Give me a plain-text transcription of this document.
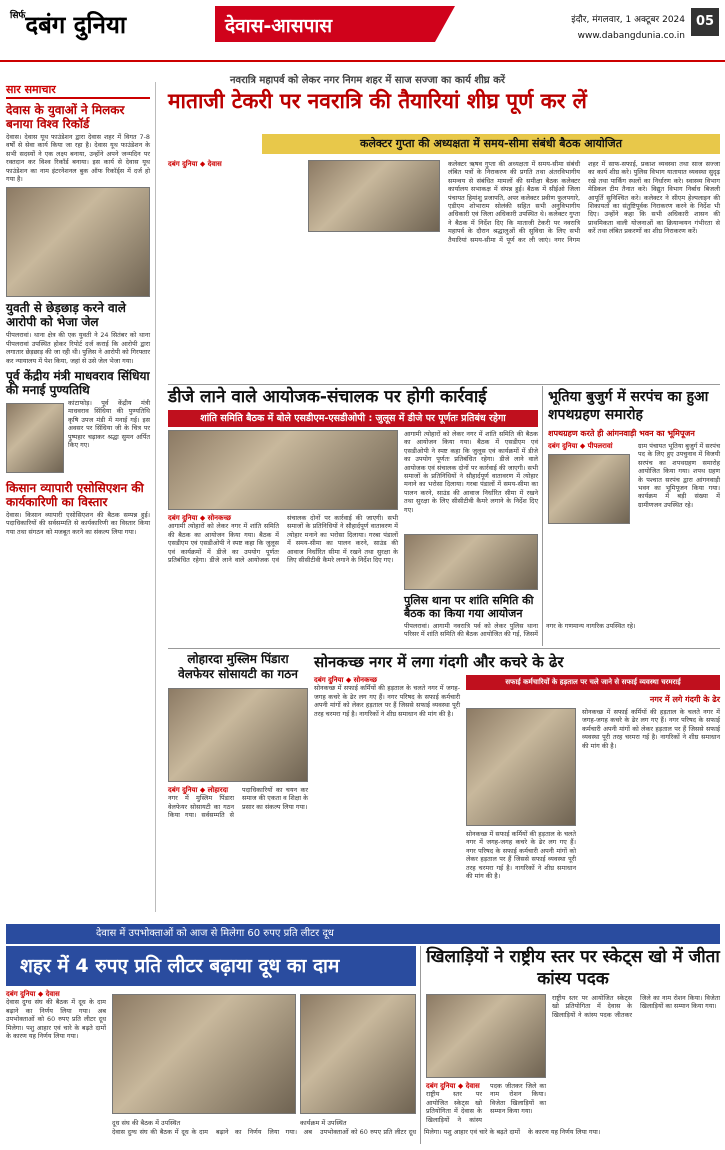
$^{सिर्फ}$दबंग दुनिया	देवास-आसपास	इंदौर, मंगलवार, 1 अक्टूबर 2024
www.dabangdunia.co.in
05
सार समाचार
देवास के युवाओं ने मिलकर बनाया विश्व रिकॉर्ड
देवास। देवास यूथ फाउंडेशन द्वारा देवास शहर में विगत 7-8 वर्षों से सेवा कार्य किया जा रहा है। देवास यूथ फाउंडेशन के सभी सदस्यों ने एक लक्ष्य बनाया, उन्होंने अपने जन्मदिन पर रक्तदान कर विश्व रिकॉर्ड बनाया। इस कार्य से देवास यूथ फाउंडेशन का नाम इंटरनेशनल बुक ऑफ रिकॉर्ड्स में दर्ज हो गया है।
युवती से छेड़छाड़ करने वाले आरोपी को भेजा जेल
पीपलरावां। थाना क्षेत्र की एक युवती ने 24 सितंबर को थाना पीपलरावां उपस्थित होकर रिपोर्ट दर्ज कराई कि आरोपी द्वारा लगातार छेड़छाड़ की जा रही थी। पुलिस ने आरोपी को गिरफ्तार कर न्यायालय में पेश किया, जहां से उसे जेल भेजा गया।
पूर्व केंद्रीय मंत्री माधवराव सिंधिया की मनाई पुण्यतिथि
कांटाफोड़। पूर्व केंद्रीय मंत्री माधवराव सिंधिया की पुण्यतिथि कृषि उपज मंडी में मनाई गई। इस अवसर पर सिंधिया जी के चित्र पर पुष्पहार चढ़ाकर श्रद्धा सुमन अर्पित किए गए।
किसान व्यापारी एसोसिएशन की कार्यकारिणी का विस्तार
देवास। किसान व्यापारी एसोसिएशन की बैठक सम्पन्न हुई। पदाधिकारियों की सर्वसम्मति से कार्यकारिणी का विस्तार किया गया तथा संगठन को मजबूत करने का संकल्प लिया गया।
नवरात्रि महापर्व को लेकर नगर निगम शहर में साज सज्जा का कार्य शीघ्र करें
माताजी टेकरी पर नवरात्रि की तैयारियां शीघ्र पूर्ण कर लें
कलेक्टर गुप्ता की अध्यक्षता में समय-सीमा संबंधी बैठक आयोजित
दबंग दुनिया ◆ देवास	कलेक्टर ऋषव गुप्ता की अध्यक्षता में समय-सीमा संबंधी लंबित पत्रों के निराकरण की प्रगति तथा अंतरविभागीय समन्वय से संबंधित मामलों की समीक्षा बैठक कलेक्टर कार्यालय सभाकक्ष में संपन्न हुई। बैठक में सीईओ जिला पंचायत हिमांशु प्रजापति, अपर कलेक्टर प्रवीण फुलपगारे, एडीएम शोभाराम सोलंकी सहित सभी अनुविभागीय अधिकारी एवं जिला अधिकारी उपस्थित थे। कलेक्टर गुप्ता ने बैठक में निर्देश दिए कि माताजी टेकरी पर नवरात्रि महापर्व के दौरान श्रद्धालुओं की सुविधा के लिए सभी तैयारियां समय-सीमा में पूर्ण कर ली जाएं। नगर निगम शहर में साफ-सफाई, प्रकाश व्यवस्था तथा साज सज्जा का कार्य शीघ्र करे। पुलिस विभाग यातायात व्यवस्था सुदृढ़ रखे तथा पार्किंग स्थलों का निर्धारण करे। स्वास्थ्य विभाग मेडिकल टीम तैनात करे। विद्युत विभाग निर्बाध बिजली आपूर्ति सुनिश्चित करे। कलेक्टर ने सीएम हेल्पलाइन की शिकायतों का संतुष्टिपूर्वक निराकरण करने के निर्देश भी दिए। उन्होंने कहा कि सभी अधिकारी शासन की प्राथमिकता वाली योजनाओं का क्रियान्वयन गंभीरता से करें तथा लंबित प्रकरणों का शीघ्र निराकरण करें।
डीजे लाने वाले आयोजक-संचालक पर होगी कार्रवाई
शांति समिति बैठक में बोले एसडीएम-एसडीओपी : जुलूस में डीजे पर पूर्णतः प्रतिबंध रहेगा
दबंग दुनिया ◆ सोनकच्छ
आगामी त्योहारों को लेकर नगर में शांति समिति की बैठक का आयोजन किया गया। बैठक में एसडीएम एवं एसडीओपी ने स्पष्ट कहा कि जुलूस एवं कार्यक्रमों में डीजे का उपयोग पूर्णतः प्रतिबंधित रहेगा। डीजे लाने वाले आयोजक एवं संचालक दोनों पर कार्रवाई की जाएगी। सभी समाजों के प्रतिनिधियों ने सौहार्दपूर्ण वातावरण में त्योहार मनाने का भरोसा दिलाया। गरबा पंडालों में समय-सीमा का पालन करने, साउंड की आवाज निर्धारित सीमा में रखने तथा सुरक्षा के लिए सीसीटीवी कैमरे लगाने के निर्देश दिए गए।
आगामी त्योहारों को लेकर नगर में शांति समिति की बैठक का आयोजन किया गया। बैठक में एसडीएम एवं एसडीओपी ने स्पष्ट कहा कि जुलूस एवं कार्यक्रमों में डीजे का उपयोग पूर्णतः प्रतिबंधित रहेगा। डीजे लाने वाले आयोजक एवं संचालक दोनों पर कार्रवाई की जाएगी। सभी समाजों के प्रतिनिधियों ने सौहार्दपूर्ण वातावरण में त्योहार मनाने का भरोसा दिलाया। गरबा पंडालों में समय-सीमा का पालन करने, साउंड की आवाज निर्धारित सीमा में रखने तथा सुरक्षा के लिए सीसीटीवी कैमरे लगाने के निर्देश दिए गए।
पुलिस थाना पर शांति समिति की बैठक का किया गया आयोजन
पीपलरावां। आगामी नवरात्रि पर्व को लेकर पुलिस थाना परिसर में शांति समिति की बैठक आयोजित की गई, जिसमें नगर के गणमान्य नागरिक उपस्थित रहे।
भूतिया बुजुर्ग में सरपंच का हुआ शपथग्रहण समारोह
शपथग्रहण करते ही आंगनवाड़ी भवन का भूमिपूजन
दबंग दुनिया ◆ पीपलरावां	ग्राम पंचायत भूतिया बुजुर्ग में सरपंच पद के लिए हुए उपचुनाव में विजयी सरपंच का शपथग्रहण समारोह आयोजित किया गया। शपथ ग्रहण के पश्चात सरपंच द्वारा आंगनवाड़ी भवन का भूमिपूजन किया गया। कार्यक्रम में बड़ी संख्या में ग्रामीणजन उपस्थित रहे।
लोहारदा मुस्लिम पिंडारा वेलफेयर सोसायटी का गठन
दबंग दुनिया ◆ लोहारदा
नगर में मुस्लिम पिंडारा वेलफेयर सोसायटी का गठन किया गया। सर्वसम्मति से पदाधिकारियों का चयन कर समाज की एकता व शिक्षा के प्रसार का संकल्प लिया गया।
सोनकच्छ नगर में लगा गंदगी और कचरे के ढेर
सफाई कर्मचारियों के हड़ताल पर चले जाने से सफाई व्यवस्था चरमराई
नगर में लगे गंदगी के ढेर
दबंग दुनिया ◆ सोनकच्छ
सोनकच्छ में सफाई कर्मियों की हड़ताल के चलते नगर में जगह-जगह कचरे के ढेर लग गए हैं। नगर परिषद के सफाई कर्मचारी अपनी मांगों को लेकर हड़ताल पर हैं जिससे सफाई व्यवस्था पूरी तरह चरमरा गई है। नागरिकों ने शीघ्र समाधान की मांग की है।	सोनकच्छ में सफाई कर्मियों की हड़ताल के चलते नगर में जगह-जगह कचरे के ढेर लग गए हैं। नगर परिषद के सफाई कर्मचारी अपनी मांगों को लेकर हड़ताल पर हैं जिससे सफाई व्यवस्था पूरी तरह चरमरा गई है। नागरिकों ने शीघ्र समाधान की मांग की है।
सोनकच्छ में सफाई कर्मियों की हड़ताल के चलते नगर में जगह-जगह कचरे के ढेर लग गए हैं। नगर परिषद के सफाई कर्मचारी अपनी मांगों को लेकर हड़ताल पर हैं जिससे सफाई व्यवस्था पूरी तरह चरमरा गई है। नागरिकों ने शीघ्र समाधान की मांग की है।
देवास में उपभोक्ताओं को आज से मिलेगा 60 रुपए प्रति लीटर दूध
शहर में 4 रुपए प्रति लीटर बढ़ाया दूध का दाम
दबंग दुनिया ◆ देवास
देवास दुग्ध संघ की बैठक में दूध के दाम बढ़ाने का निर्णय लिया गया। अब उपभोक्ताओं को 60 रुपए प्रति लीटर दूध मिलेगा। पशु आहार एवं चारे के बढ़ते दामों के कारण यह निर्णय लिया गया।
दूध संघ की बैठक में उपस्थित	कार्यक्रम में उपस्थित
देवास दुग्ध संघ की बैठक में दूध के दाम बढ़ाने का निर्णय लिया गया। अब उपभोक्ताओं को 60 रुपए प्रति लीटर दूध मिलेगा। पशु आहार एवं चारे के बढ़ते दामों के कारण यह निर्णय लिया गया।
खिलाड़ियों ने राष्ट्रीय स्तर पर स्केट्स खो में जीता कांस्य पदक
दबंग दुनिया ◆ देवास
राष्ट्रीय स्तर पर आयोजित स्केट्स खो प्रतियोगिता में देवास के खिलाड़ियों ने कांस्य पदक जीतकर जिले का नाम रोशन किया। विजेता खिलाड़ियों का सम्मान किया गया।
राष्ट्रीय स्तर पर आयोजित स्केट्स खो प्रतियोगिता में देवास के खिलाड़ियों ने कांस्य पदक जीतकर जिले का नाम रोशन किया। विजेता खिलाड़ियों का सम्मान किया गया।
